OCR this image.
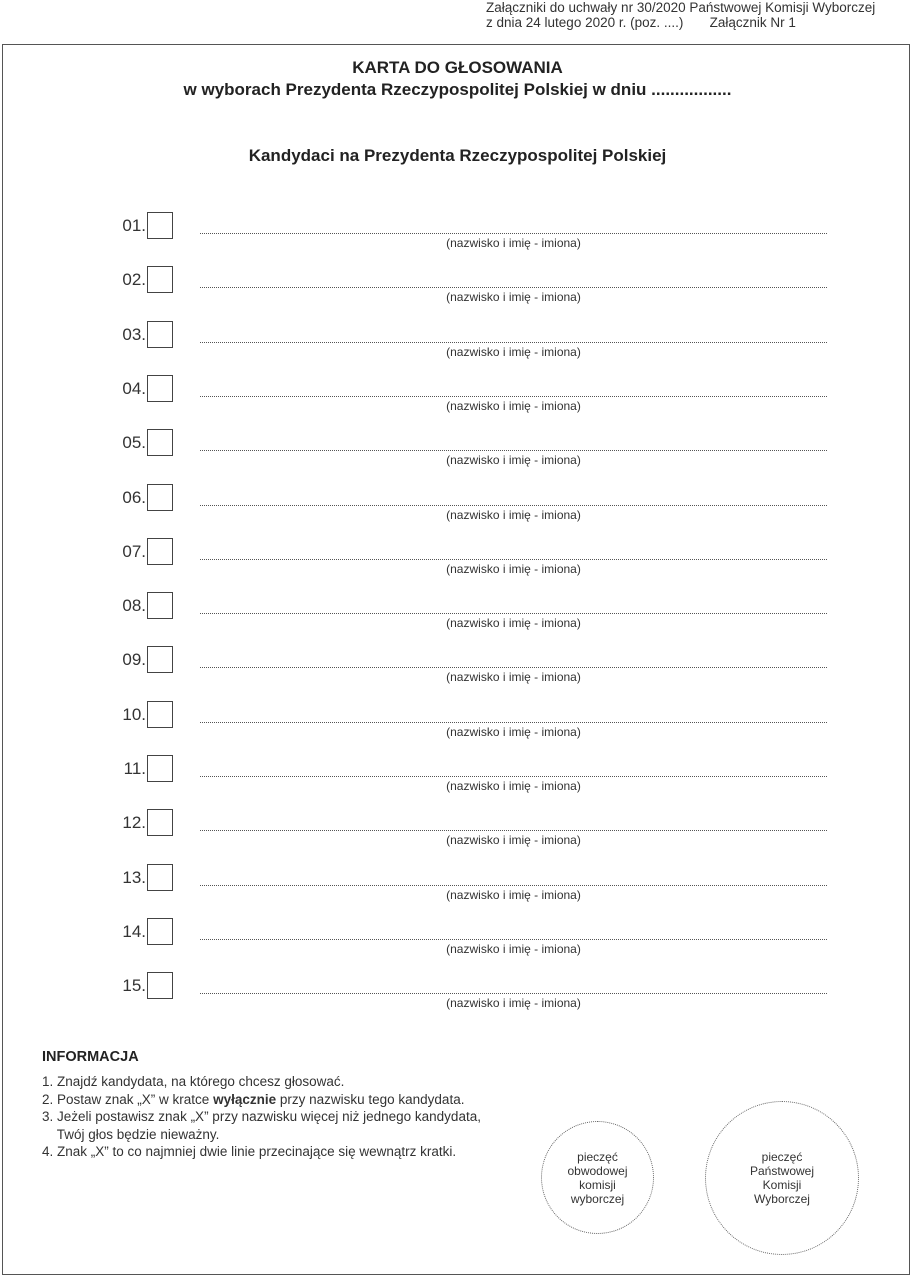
Załączniki do uchwały nr 30/2020 Państwowej Komisji Wyborczej
z dnia 24 lutego 2020 r. (poz. ....)       Załącznik Nr 1
KARTA DO GŁOSOWANIA
w wyborach Prezydenta Rzeczypospolitej Polskiej w dniu .................
Kandydaci na Prezydenta Rzeczypospolitej Polskiej
01.
(nazwisko i imię - imiona)
02.
(nazwisko i imię - imiona)
03.
(nazwisko i imię - imiona)
04.
(nazwisko i imię - imiona)
05.
(nazwisko i imię - imiona)
06.
(nazwisko i imię - imiona)
07.
(nazwisko i imię - imiona)
08.
(nazwisko i imię - imiona)
09.
(nazwisko i imię - imiona)
10.
(nazwisko i imię - imiona)
11.
(nazwisko i imię - imiona)
12.
(nazwisko i imię - imiona)
13.
(nazwisko i imię - imiona)
14.
(nazwisko i imię - imiona)
15.
(nazwisko i imię - imiona)
INFORMACJA
1. Znajdź kandydata, na którego chcesz głosować.
2. Postaw znak „X” w kratce wyłącznie przy nazwisku tego kandydata.
3. Jeżeli postawisz znak „X” przy nazwisku więcej niż jednego kandydata,
Twój głos będzie nieważny.
4. Znak „X” to co najmniej dwie linie przecinające się wewnątrz kratki.	pieczęć
obwodowej
komisji
wyborczej
pieczęć
Państwowej
Komisji
Wyborczej
